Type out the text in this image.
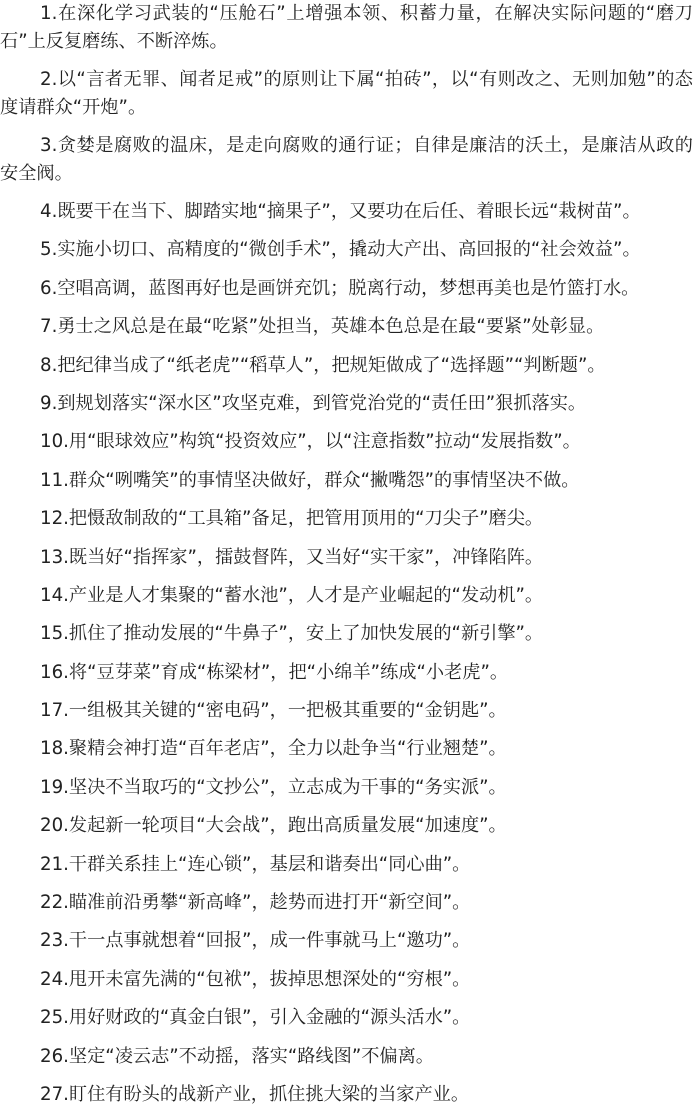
1.在深化学习武装的“压舱石”上增强本领、积蓄力量，在解决实际问题的“磨刀石”上反复磨练、不断淬炼。

2.以“言者无罪、闻者足戒”的原则让下属“拍砖”，以“有则改之、无则加勉”的态度请群众“开炮”。

3.贪婪是腐败的温床，是走向腐败的通行证；自律是廉洁的沃土，是廉洁从政的安全阀。

4.既要干在当下、脚踏实地“摘果子”，又要功在后任、着眼长远“栽树苗”。

5.实施小切口、高精度的“微创手术”，撬动大产出、高回报的“社会效益”。

6.空唱高调，蓝图再好也是画饼充饥；脱离行动，梦想再美也是竹篮打水。

7.勇士之风总是在最“吃紧”处担当，英雄本色总是在最“要紧”处彰显。

8.把纪律当成了“纸老虎”“稻草人”，把规矩做成了“选择题”“判断题”。

9.到规划落实“深水区”攻坚克难，到管党治党的“责任田”狠抓落实。

10.用“眼球效应”构筑“投资效应”，以“注意指数”拉动“发展指数”。

11.群众“咧嘴笑”的事情坚决做好，群众“撇嘴怨”的事情坚决不做。

12.把慑敌制敌的“工具箱”备足，把管用顶用的“刀尖子”磨尖。

13.既当好“指挥家”，擂鼓督阵，又当好“实干家”，冲锋陷阵。

14.产业是人才集聚的“蓄水池”，人才是产业崛起的“发动机”。

15.抓住了推动发展的“牛鼻子”，安上了加快发展的“新引擎”。

16.将“豆芽菜”育成“栋梁材”，把“小绵羊”练成“小老虎”。

17.一组极其关键的“密电码”，一把极其重要的“金钥匙”。

18.聚精会神打造“百年老店”，全力以赴争当“行业翘楚”。

19.坚决不当取巧的“文抄公”，立志成为干事的“务实派”。

20.发起新一轮项目“大会战”，跑出高质量发展“加速度”。

21.干群关系挂上“连心锁”，基层和谐奏出“同心曲”。

22.瞄准前沿勇攀“新高峰”，趁势而进打开“新空间”。

23.干一点事就想着“回报”，成一件事就马上“邀功”。

24.甩开未富先满的“包袱”，拔掉思想深处的“穷根”。

25.用好财政的“真金白银”，引入金融的“源头活水”。

26.坚定“凌云志”不动摇，落实“路线图”不偏离。

27.盯住有盼头的战新产业，抓住挑大梁的当家产业。
